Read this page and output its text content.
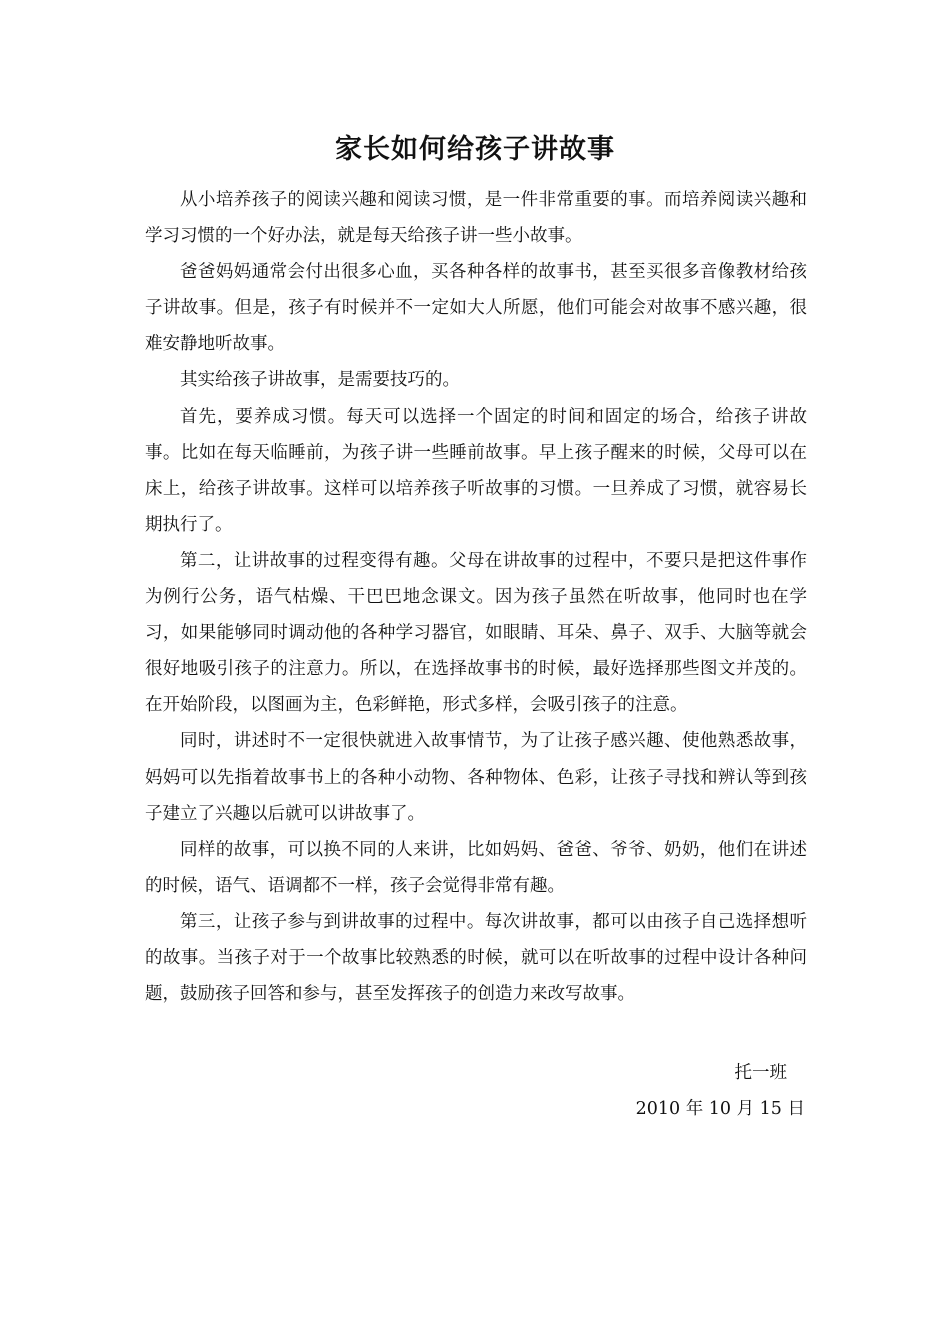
家长如何给孩子讲故事

从小培养孩子的阅读兴趣和阅读习惯，是一件非常重要的事。而培养阅读兴趣和学习习惯的一个好办法，就是每天给孩子讲一些小故事。

爸爸妈妈通常会付出很多心血，买各种各样的故事书，甚至买很多音像教材给孩子讲故事。但是，孩子有时候并不一定如大人所愿，他们可能会对故事不感兴趣，很难安静地听故事。

其实给孩子讲故事，是需要技巧的。

首先，要养成习惯。每天可以选择一个固定的时间和固定的场合，给孩子讲故事。比如在每天临睡前，为孩子讲一些睡前故事。早上孩子醒来的时候，父母可以在床上，给孩子讲故事。这样可以培养孩子听故事的习惯。一旦养成了习惯，就容易长期执行了。

第二，让讲故事的过程变得有趣。父母在讲故事的过程中，不要只是把这件事作为例行公务，语气枯燥、干巴巴地念课文。因为孩子虽然在听故事，他同时也在学习，如果能够同时调动他的各种学习器官，如眼睛、耳朵、鼻子、双手、大脑等就会很好地吸引孩子的注意力。所以，在选择故事书的时候，最好选择那些图文并茂的。在开始阶段，以图画为主，色彩鲜艳，形式多样，会吸引孩子的注意。

同时，讲述时不一定很快就进入故事情节，为了让孩子感兴趣、使他熟悉故事，妈妈可以先指着故事书上的各种小动物、各种物体、色彩，让孩子寻找和辨认等到孩子建立了兴趣以后就可以讲故事了。

同样的故事，可以换不同的人来讲，比如妈妈、爸爸、爷爷、奶奶，他们在讲述的时候，语气、语调都不一样，孩子会觉得非常有趣。

第三，让孩子参与到讲故事的过程中。每次讲故事，都可以由孩子自己选择想听的故事。当孩子对于一个故事比较熟悉的时候，就可以在听故事的过程中设计各种问题，鼓励孩子回答和参与，甚至发挥孩子的创造力来改写故事。

托一班
2010 年 10 月 15 日
